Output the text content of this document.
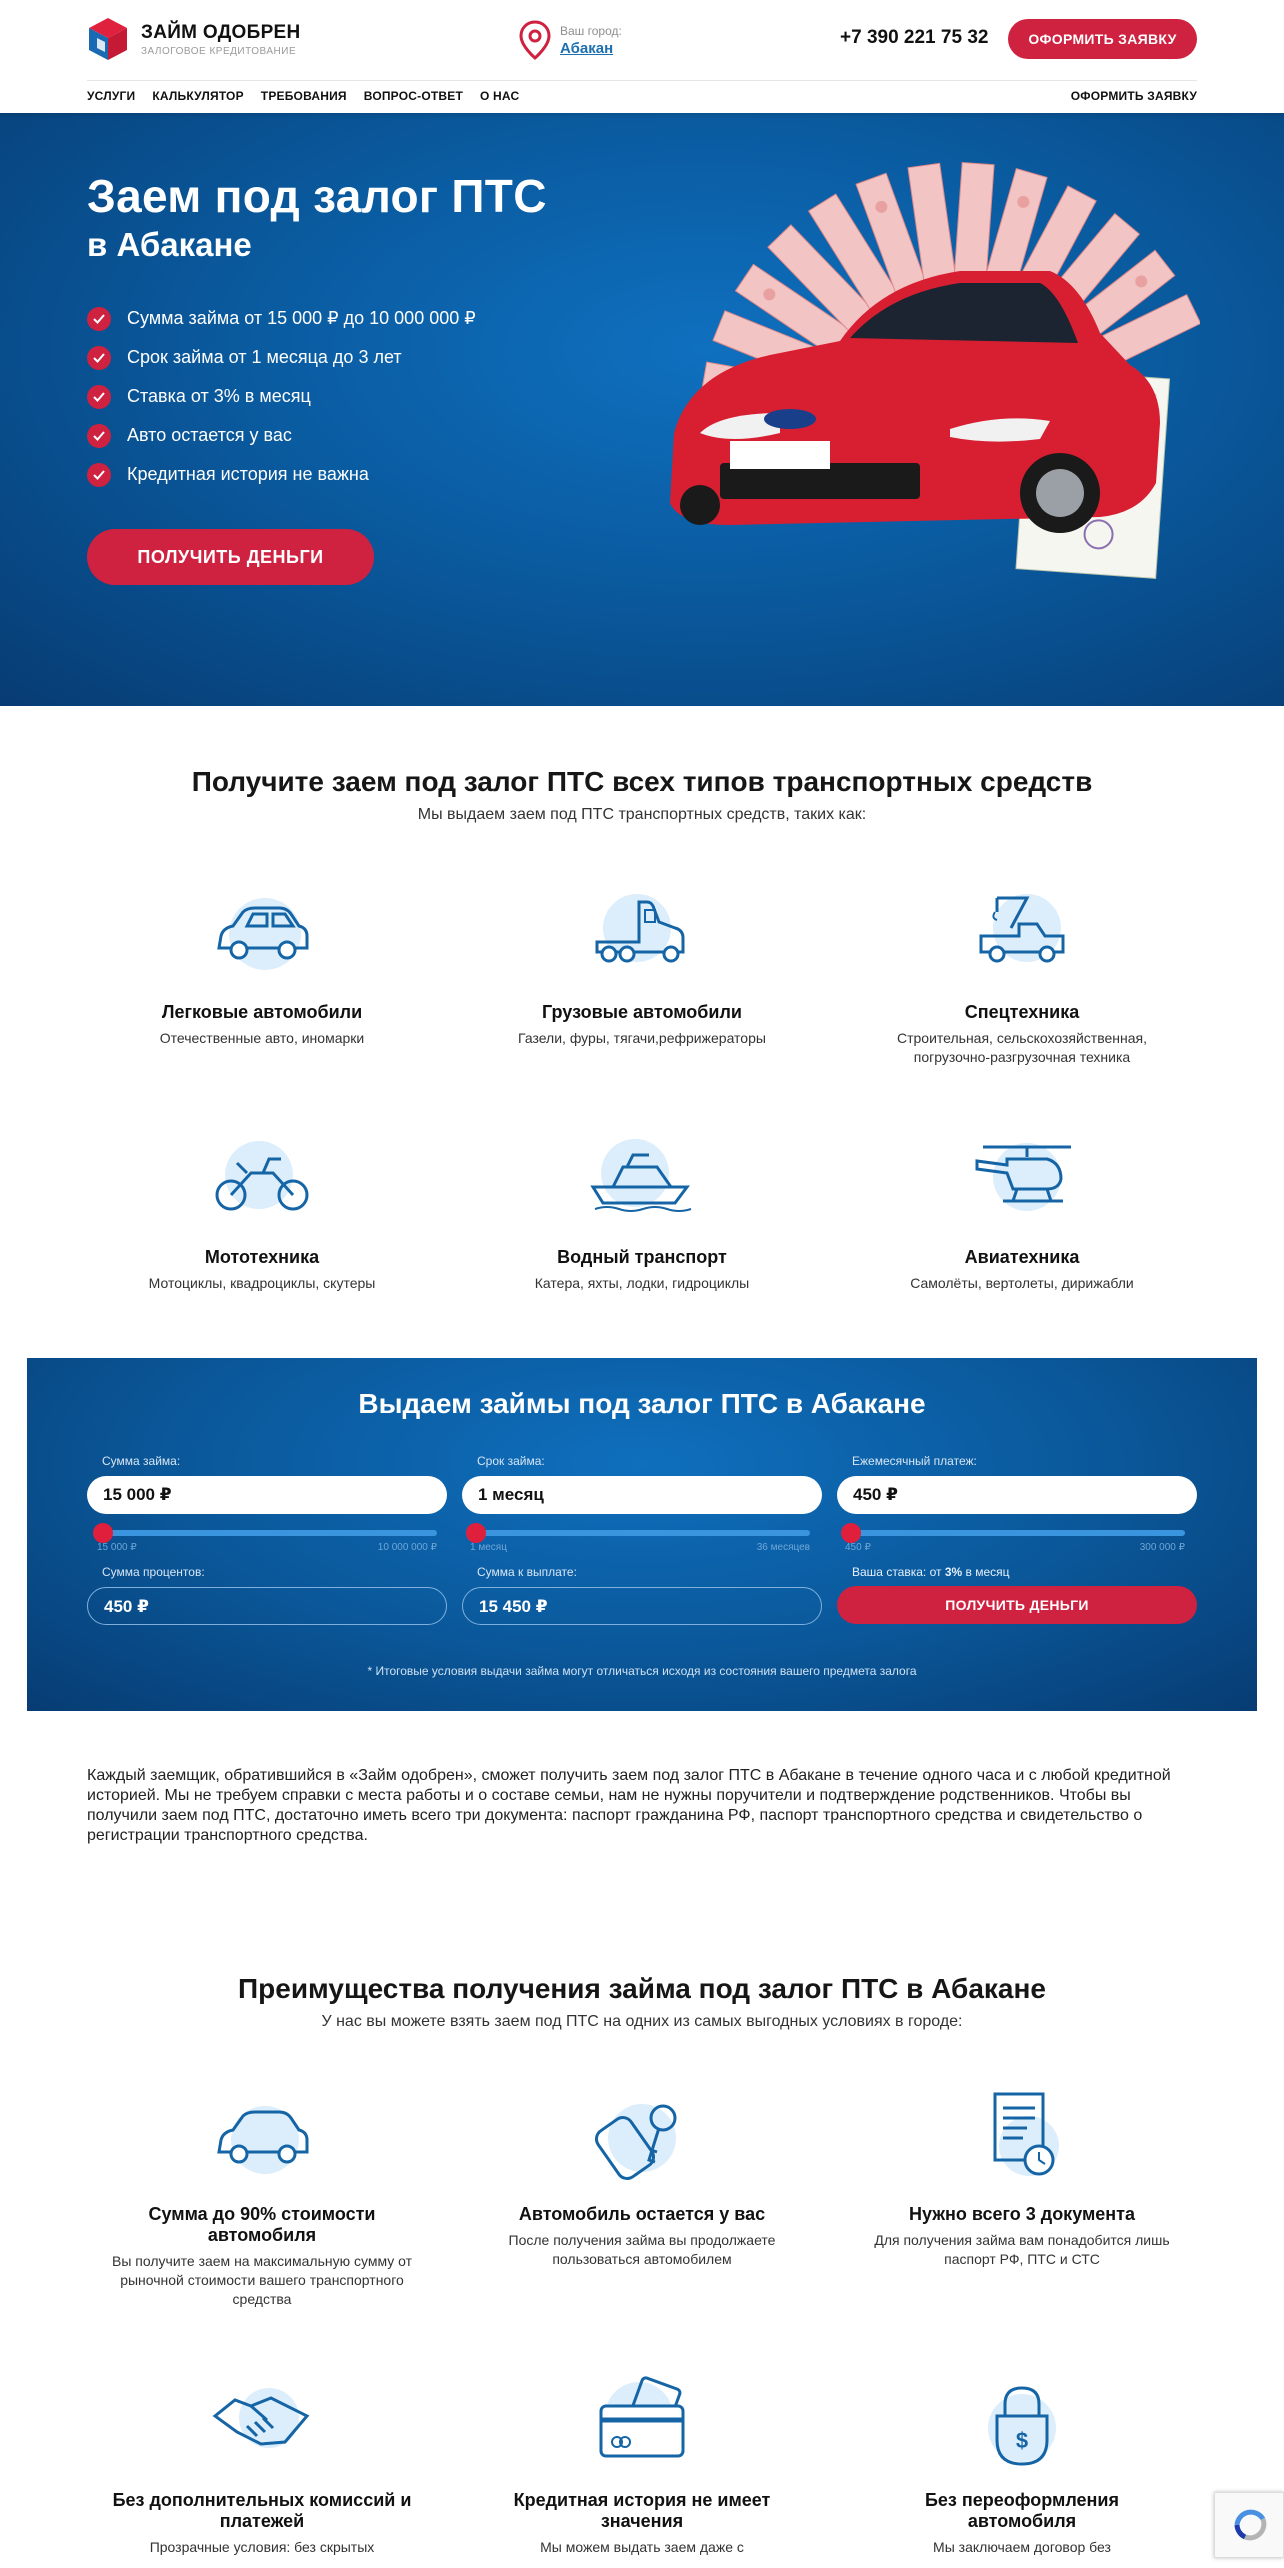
ЗАЙМ ОДОБРЕН
ЗАЛОГОВОЕ КРЕДИТОВАНИЕ
Ваш город:
Абакан	+7 390 221 75 32	ОФОРМИТЬ ЗАЯВКУ
УСЛУГИ КАЛЬКУЛЯТОР ТРЕБОВАНИЯ ВОПРОС-ОТВЕТ О НАС	ОФОРМИТЬ ЗАЯВКУ
Заем под залог ПТС
в Абакане
Сумма займа от 15 000 ₽ до 10 000 000 ₽
Срок займа от 1 месяца до 3 лет
Ставка от 3% в месяц
Авто остается у вас
Кредитная история не важна
ПОЛУЧИТЬ ДЕНЬГИ
Получите заем под залог ПТС всех типов транспортных средств

Мы выдаем заем под ПТС транспортных средств, таких как:

Легковые автомобили
Отечественные авто, иномарки
Грузовые автомобили
Газели, фуры, тягачи,рефрижераторы
Спецтехника
Строительная, сельскохозяйственная, погрузочно-разгрузочная техника
Мототехника
Мотоциклы, квадроциклы, скутеры
Водный транспорт
Катера, яхты, лодки, гидроциклы
Авиатехника
Самолёты, вертолеты, дирижабли
Выдаем займы под залог ПТС в Абакане
Сумма займа:
15 000 ₽
15 000 ₽	10 000 000 ₽
Срок займа:
1 месяц
1 месяц	36 месяцев
Ежемесячный платеж:
450 ₽
450 ₽	300 000 ₽
Сумма процентов:
450 ₽
Сумма к выплате:
15 450 ₽
Ваша ставка: от 3% в месяц
ПОЛУЧИТЬ ДЕНЬГИ

* Итоговые условия выдачи займа могут отличаться исходя из состояния вашего предмета залога

Каждый заемщик, обратившийся в «Займ одобрен», сможет получить заем под залог ПТС в Абакане в течение одного часа и с любой кредитной историей. Мы не требуем справки с места работы и о составе семьи, нам не нужны поручители и подтверждение родственников. Чтобы вы получили заем под ПТС, достаточно иметь всего три документа: паспорт гражданина РФ, паспорт транспортного средства и свидетельство о регистрации транспортного средства.

Преимущества получения займа под залог ПТС в Абакане

У нас вы можете взять заем под ПТС на одних из самых выгодных условиях в городе:

Сумма до 90% стоимости автомобиля
Вы получите заем на максимальную сумму от рыночной стоимости вашего транспортного средства
Автомобиль остается у вас
После получения займа вы продолжаете пользоваться автомобилем
Нужно всего 3 документа
Для получения займа вам понадобится лишь паспорт РФ, ПТС и СТС
Без дополнительных комиссий и платежей
Прозрачные условия: без скрытых
Кредитная история не имеет значения
Мы можем выдать заем даже с
$
Без переоформления автомобиля
Мы заключаем договор без
